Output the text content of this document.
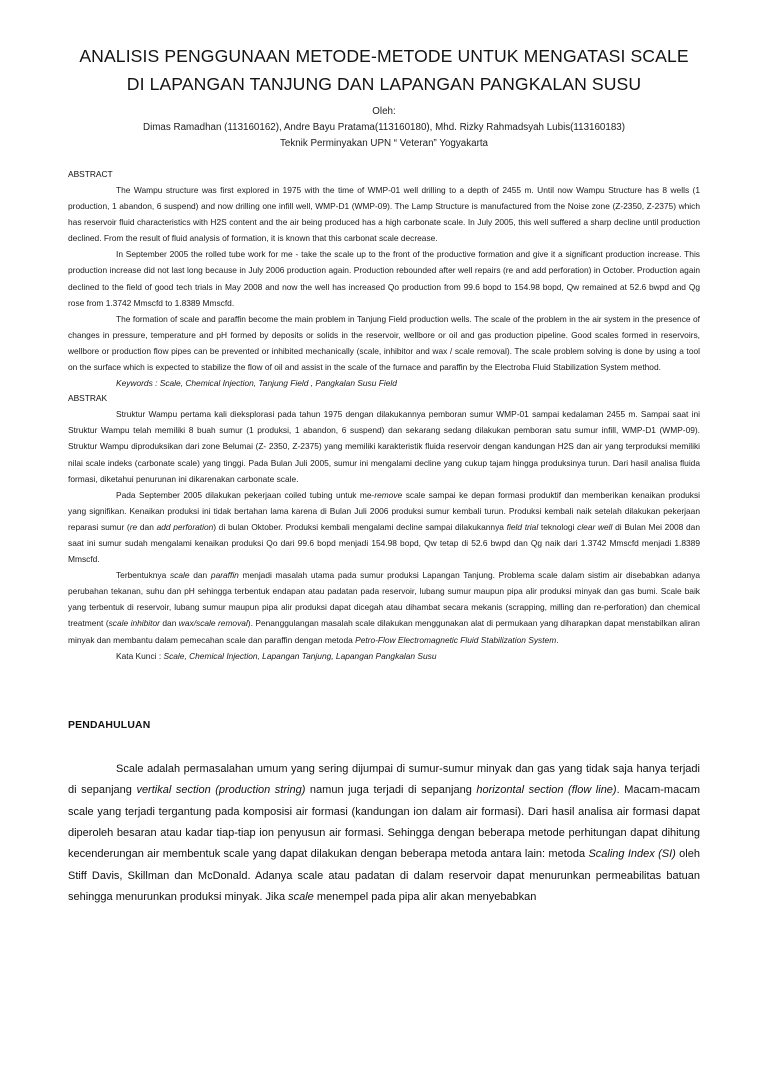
ANALISIS PENGGUNAAN METODE-METODE UNTUK MENGATASI SCALE
DI LAPANGAN TANJUNG DAN LAPANGAN PANGKALAN SUSU
Oleh:
Dimas Ramadhan (113160162), Andre Bayu Pratama(113160180), Mhd. Rizky Rahmadsyah Lubis(113160183)
Teknik Perminyakan UPN “ Veteran” Yogyakarta
ABSTRACT

The Wampu structure was first explored in 1975 with the time of WMP-01 well drilling to a depth of 2455 m. Until now Wampu Structure has 8 wells (1 production, 1 abandon, 6 suspend) and now drilling one infill well, WMP-D1 (WMP-09). The Lamp Structure is manufactured from the Noise zone (Z-2350, Z-2375) which has reservoir fluid characteristics with H2S content and the air being produced has a high carbonate scale. In July 2005, this well suffered a sharp decline until production declined. From the result of fluid analysis of formation, it is known that this carbonat scale decrease.

In September 2005 the rolled tube work for me - take the scale up to the front of the productive formation and give it a significant production increase. This production increase did not last long because in July 2006 production again. Production rebounded after well repairs (re and add perforation) in October. Production again declined to the field of good tech trials in May 2008 and now the well has increased Qo production from 99.6 bopd to 154.98 bopd, Qw remained at 52.6 bwpd and Qg rose from 1.3742 Mmscfd to 1.8389 Mmscfd.

The formation of scale and paraffin become the main problem in Tanjung Field production wells. The scale of the problem in the air system in the presence of changes in pressure, temperature and pH formed by deposits or solids in the reservoir, wellbore or oil and gas production pipeline. Good scales formed in reservoirs, wellbore or production flow pipes can be prevented or inhibited mechanically (scale, inhibitor and wax / scale removal). The scale problem solving is done by using a tool on the surface which is expected to stabilize the flow of oil and assist in the scale of the furnace and paraffin by the Electroba Fluid Stabilization System method.

Keywords : Scale, Chemical Injection, Tanjung Field , Pangkalan Susu Field

ABSTRAK

Struktur Wampu pertama kali dieksplorasi pada tahun 1975 dengan dilakukannya pemboran sumur WMP-01 sampai kedalaman 2455 m. Sampai saat ini Struktur Wampu telah memiliki 8 buah sumur (1 produksi, 1 abandon, 6 suspend) dan sekarang sedang dilakukan pemboran satu sumur infill, WMP-D1 (WMP-09). Struktur Wampu diproduksikan dari zone Belumai (Z- 2350, Z-2375) yang memiliki karakteristik fluida reservoir dengan kandungan H2S dan air yang terproduksi memiliki nilai scale indeks (carbonate scale) yang tinggi. Pada Bulan Juli 2005, sumur ini mengalami decline yang cukup tajam hingga produksinya turun. Dari hasil analisa fluida formasi, diketahui penurunan ini dikarenakan carbonate scale.

Pada September 2005 dilakukan pekerjaan coiled tubing untuk me-remove scale sampai ke depan formasi produktif dan memberikan kenaikan produksi yang signifikan. Kenaikan produksi ini tidak bertahan lama karena di Bulan Juli 2006 produksi sumur kembali turun. Produksi kembali naik setelah dilakukan pekerjaan reparasi sumur (re dan add perforation) di bulan Oktober. Produksi kembali mengalami decline sampai dilakukannya field trial teknologi clear well di Bulan Mei 2008 dan saat ini sumur sudah mengalami kenaikan produksi Qo dari 99.6 bopd menjadi 154.98 bopd, Qw tetap di 52.6 bwpd dan Qg naik dari 1.3742 Mmscfd menjadi 1.8389 Mmscfd.

Terbentuknya scale dan paraffin menjadi masalah utama pada sumur produksi Lapangan Tanjung. Problema scale dalam sistim air disebabkan adanya perubahan tekanan, suhu dan pH sehingga terbentuk endapan atau padatan pada reservoir, lubang sumur maupun pipa alir produksi minyak dan gas bumi. Scale baik yang terbentuk di reservoir, lubang sumur maupun pipa alir produksi dapat dicegah atau dihambat secara mekanis (scrapping, milling dan re-perforation) dan chemical treatment (scale inhibitor dan wax/scale removal). Penanggulangan masalah scale dilakukan menggunakan alat di permukaan yang diharapkan dapat menstabilkan aliran minyak dan membantu dalam pemecahan scale dan paraffin dengan metoda Petro-Flow Electromagnetic Fluid Stabilization System.

Kata Kunci : Scale, Chemical Injection, Lapangan Tanjung, Lapangan Pangkalan Susu

PENDAHULUAN

Scale adalah permasalahan umum yang sering dijumpai di sumur-sumur minyak dan gas yang tidak saja hanya terjadi di sepanjang vertikal section (production string) namun juga terjadi di sepanjang horizontal section (flow line). Macam-macam scale yang terjadi tergantung pada komposisi air formasi (kandungan ion dalam air formasi). Dari hasil analisa air formasi dapat diperoleh besaran atau kadar tiap-tiap ion penyusun air formasi. Sehingga dengan beberapa metode perhitungan dapat dihitung kecenderungan air membentuk scale yang dapat dilakukan dengan beberapa metoda antara lain: metoda Scaling Index (SI) oleh Stiff Davis, Skillman dan McDonald. Adanya scale atau padatan di dalam reservoir dapat menurunkan permeabilitas batuan sehingga menurunkan produksi minyak. Jika scale menempel pada pipa alir akan menyebabkan
